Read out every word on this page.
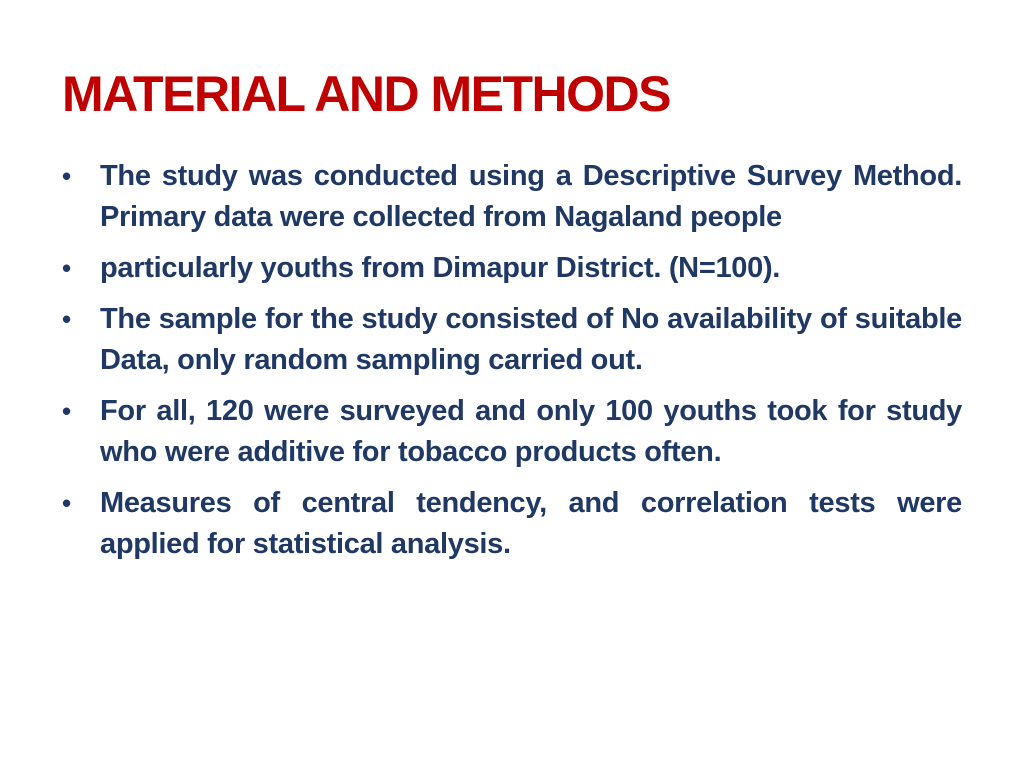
MATERIAL AND METHODS
•	The study was conducted using a Descriptive Survey Method. Primary data were collected from Nagaland people
•	particularly youths from Dimapur District. (N=100).
•	The sample for the study consisted of No availability of suitable Data, only random sampling carried out.
•	For all, 120 were surveyed and only 100 youths took for study who were additive for tobacco products often.
•	Measures of central tendency, and correlation tests were applied for statistical analysis.
